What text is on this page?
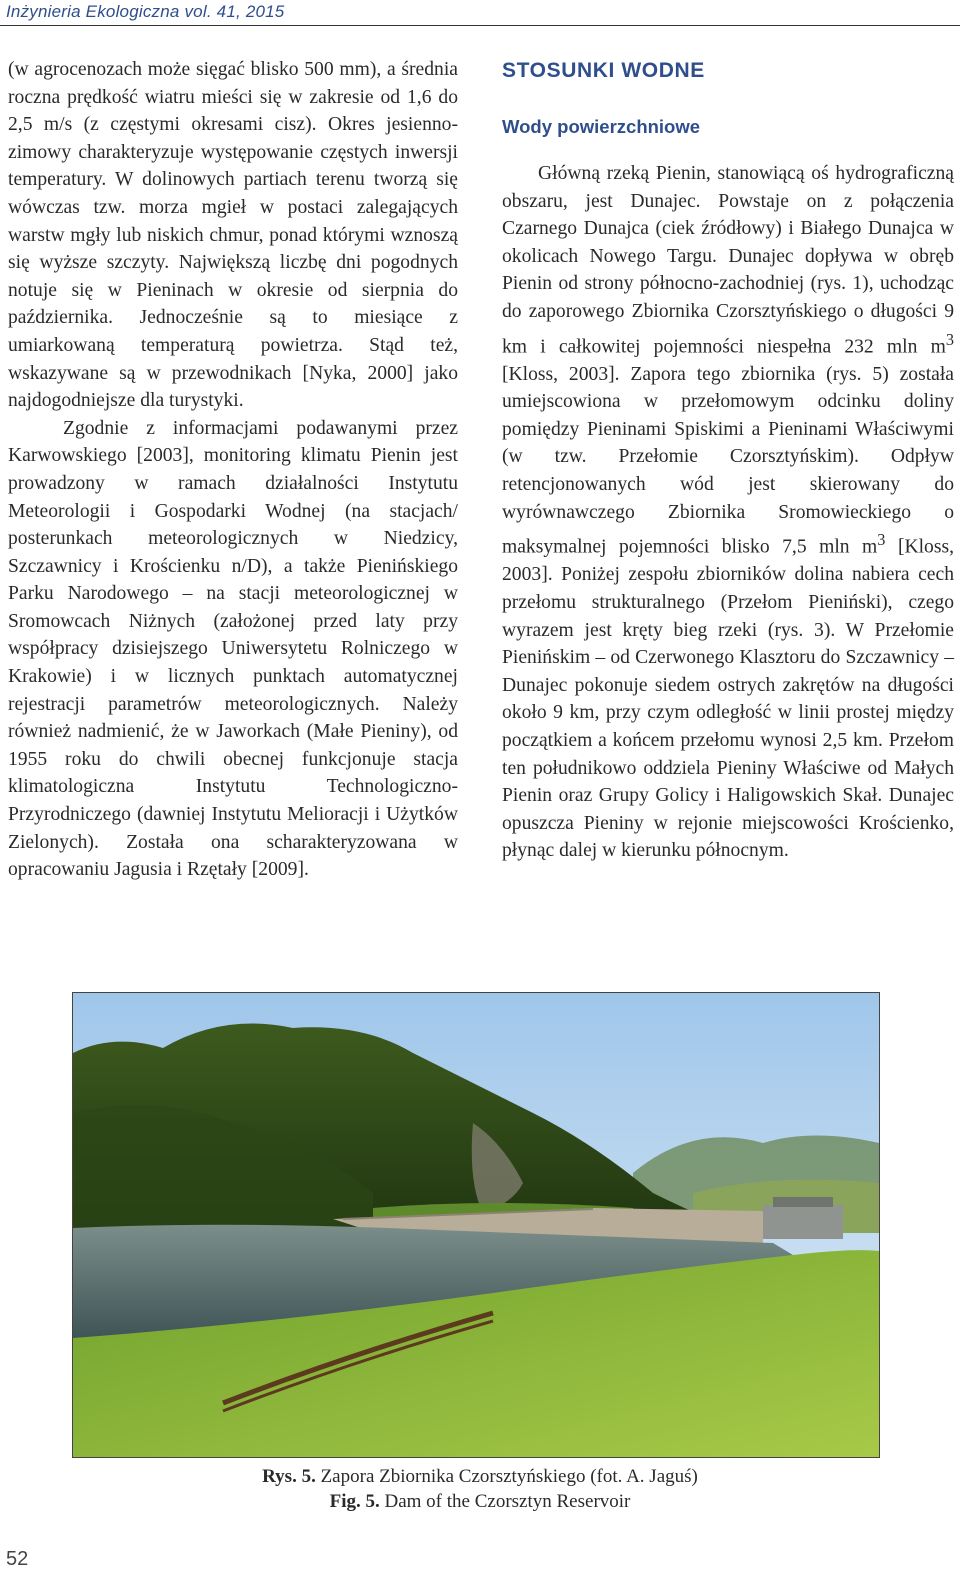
Inżynieria Ekologiczna vol. 41, 2015

(w agrocenozach może sięgać blisko 500 mm), a średnia roczna prędkość wiatru mieści się w zakresie od 1,6 do 2,5 m/s (z częstymi okresami cisz). Okres jesienno-zimowy charakteryzuje występowanie częstych inwersji temperatury. W dolinowych partiach terenu tworzą się wówczas tzw. morza mgieł w postaci zalegających warstw mgły lub niskich chmur, ponad którymi wznoszą się wyższe szczyty. Największą liczbę dni pogodnych notuje się w Pieninach w okresie od sierpnia do października. Jednocześnie są to miesiące z umiarkowaną temperaturą powietrza. Stąd też, wskazywane są w przewodnikach [Nyka, 2000] jako najdogodniejsze dla turystyki.

Zgodnie z informacjami podawanymi przez Karwowskiego [2003], monitoring klimatu Pienin jest prowadzony w ramach działalności Instytutu Meteorologii i Gospodarki Wodnej (na stacjach/ posterunkach meteorologicznych w Niedzicy, Szczawnicy i Krościenku n/D), a także Pienińskiego Parku Narodowego – na stacji meteorologicznej w Sromowcach Niżnych (założonej przed laty przy współpracy dzisiejszego Uniwersytetu Rolniczego w Krakowie) i w licznych punktach automatycznej rejestracji parametrów meteorologicznych. Należy również nadmienić, że w Jaworkach (Małe Pieniny), od 1955 roku do chwili obecnej funkcjonuje stacja klimatologiczna Instytutu Technologiczno-Przyrodniczego (dawniej Instytutu Melioracji i Użytków Zielonych). Została ona scharakteryzowana w opracowaniu Jagusia i Rzętały [2009].

STOSUNKI WODNE
Wody powierzchniowe

Główną rzeką Pienin, stanowiącą oś hydrograficzną obszaru, jest Dunajec. Powstaje on z połączenia Czarnego Dunajca (ciek źródłowy) i Białego Dunajca w okolicach Nowego Targu. Dunajec dopływa w obręb Pienin od strony północno-zachodniej (rys. 1), uchodząc do zaporowego Zbiornika Czorsztyńskiego o długości 9 km i całkowitej pojemności niespełna 232 mln $m^3$ [Kloss, 2003]. Zapora tego zbiornika (rys. 5) została umiejscowiona w przełomowym odcinku doliny pomiędzy Pieninami Spiskimi a Pieninami Właściwymi (w tzw. Przełomie Czorsztyńskim). Odpływ retencjonowanych wód jest skierowany do wyrównawczego Zbiornika Sromowieckiego o maksymalnej pojemności blisko 7,5 mln $m^3$ [Kloss, 2003]. Poniżej zespołu zbiorników dolina nabiera cech przełomu strukturalnego (Przełom Pieniński), czego wyrazem jest kręty bieg rzeki (rys. 3). W Przełomie Pienińskim – od Czerwonego Klasztoru do Szczawnicy – Dunajec pokonuje siedem ostrych zakrętów na długości około 9 km, przy czym odległość w linii prostej między początkiem a końcem przełomu wynosi 2,5 km. Przełom ten południkowo oddziela Pieniny Właściwe od Małych Pienin oraz Grupy Golicy i Haligowskich Skał. Dunajec opuszcza Pieniny w rejonie miejscowości Krościenko, płynąc dalej w kierunku północnym.

Rys. 5. Zapora Zbiornika Czorsztyńskiego (fot. A. Jaguś)
Fig. 5. Dam of the Czorsztyn Reservoir
52
